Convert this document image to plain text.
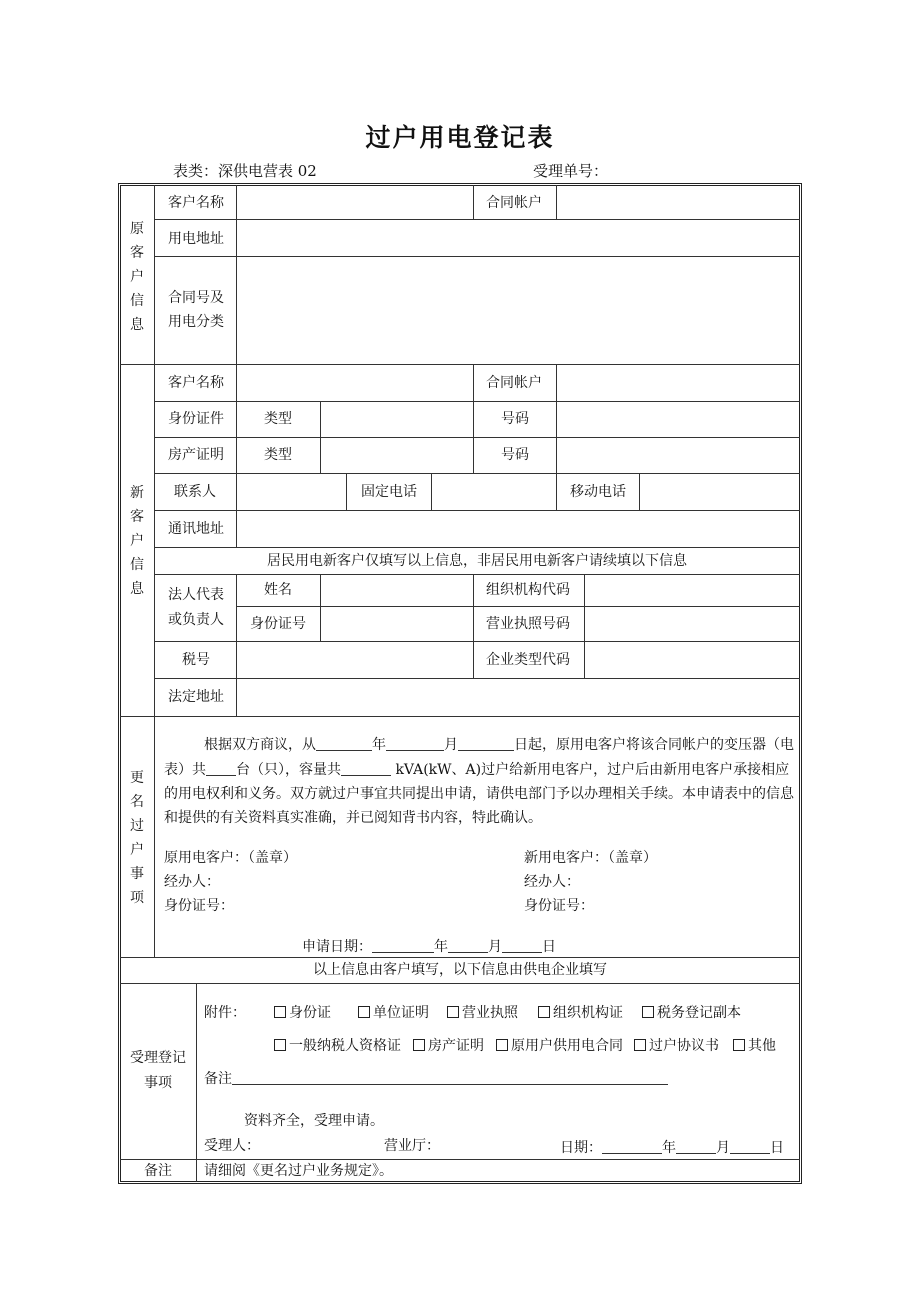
过户用电登记表
表类：深供电营表 02	受理单号：
原客户信息
客户名称	合同帐户
用电地址
合同号及
用电分类
新客户信息
客户名称	合同帐户
身份证件	类型	号码
房产证明	类型	号码
联系人	固定电话	移动电话
通讯地址
居民用电新客户仅填写以上信息，非居民用电新客户请续填以下信息
法人代表
或负责人
姓名	组织机构代码
身份证号	营业执照号码
税号	企业类型代码
法定地址
更名过户事项
根据双方商议，从	年	月	日起，原用电客户将该合同帐户的变压器（电
表）共 台（只），容量共	kVA(kW、A)过户给新用电客户，过户后由新用电客户承接相应
的用电权利和义务。双方就过户事宜共同提出申请，请供电部门予以办理相关手续。本申请表中的信息
和提供的有关资料真实准确，并已阅知背书内容，特此确认。
原用电客户：（盖章）	新用电客户：（盖章）
经办人：	经办人：
身份证号：	身份证号：
申请日期：	年	月	日
以上信息由客户填写，以下信息由供电企业填写
受理登记
事项
附件：	身份证	单位证明	营业执照	组织机构证	税务登记副本
一般纳税人资格证	房产证明	原用户供用电合同	过户协议书	其他
备注
资料齐全，受理申请。
受理人：	营业厅：	日期：	年	月	日
备注 请细阅《更名过户业务规定》。
